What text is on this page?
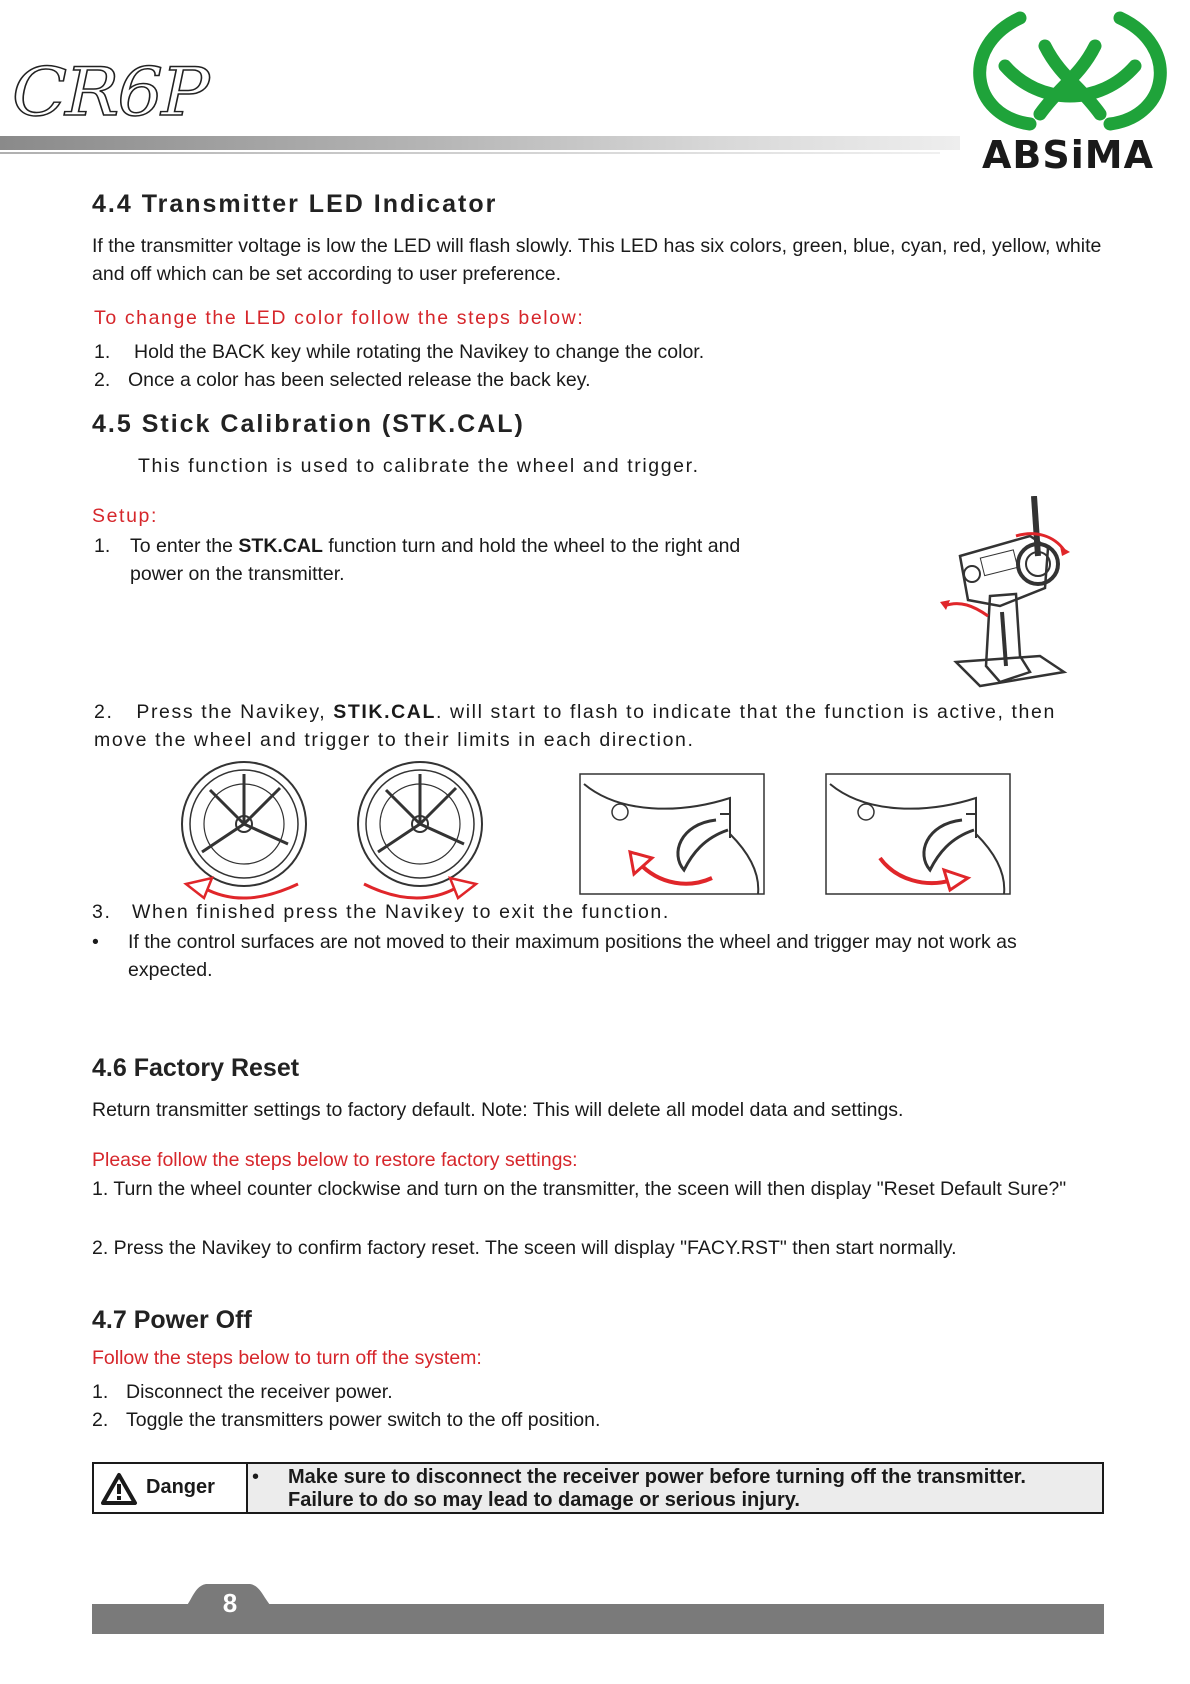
CR6P
ABSiMA
4.4 Transmitter LED Indicator
If the transmitter voltage is low the LED will flash slowly. This LED has six colors, green, blue, cyan, red, yellow, white and off which can be set according to user preference.
To change the LED color follow the steps below:
1. Hold the BACK key while rotating the Navikey to change the color.
2. Once a color has been selected release the back key.
4.5 Stick Calibration (STK.CAL)
This function is used to calibrate the wheel and trigger.
Setup:
1. To enter the STK.CAL function turn and hold the wheel to the right and power on the transmitter.
2. Press the Navikey, STIK.CAL. will start to flash to indicate that the function is active, then move the wheel and trigger to their limits in each direction.
3. When finished press the Navikey to exit the function.
• If the control surfaces are not moved to their maximum positions the wheel and trigger may not work as expected.
4.6 Factory Reset
Return transmitter settings to factory default. Note: This will delete all model data and settings.
Please follow the steps below to restore factory settings:
1. Turn the wheel counter clockwise and turn on the transmitter, the sceen will then display "Reset Default Sure?"
2. Press the Navikey to confirm factory reset. The sceen will display "FACY.RST" then start normally.
4.7 Power Off
Follow the steps below to turn off the system:
1. Disconnect the receiver power.
2. Toggle the transmitters power switch to the off position.
Danger • Make sure to disconnect the receiver power before turning off the transmitter.
Failure to do so may lead to damage or serious injury.
8
